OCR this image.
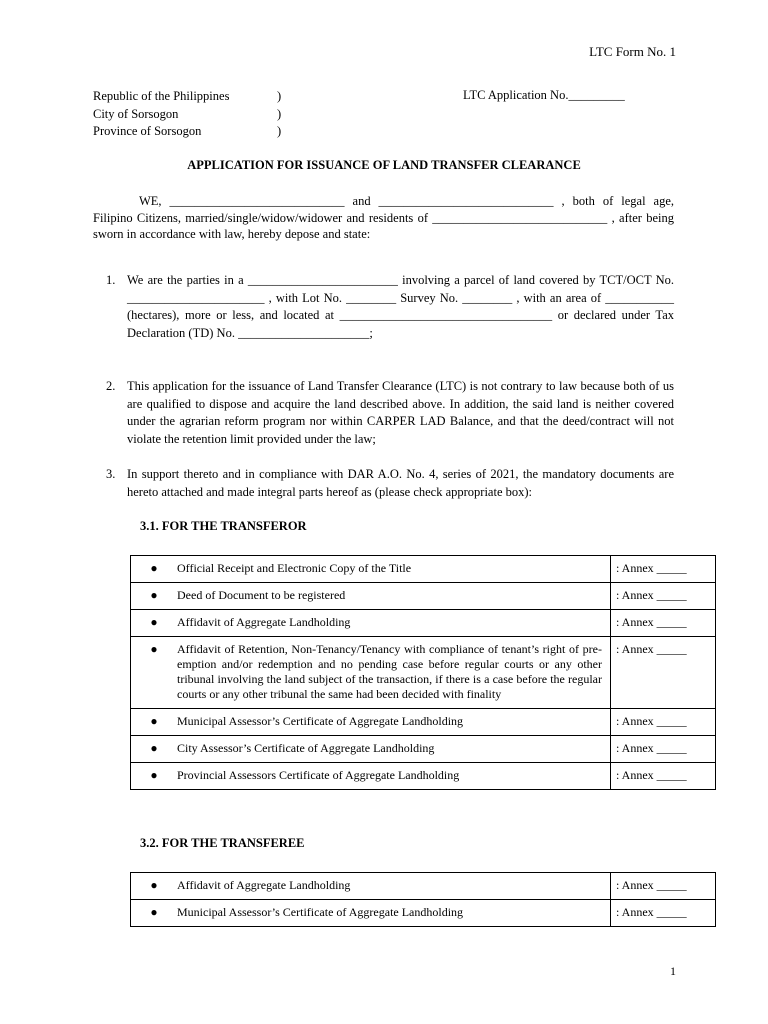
LTC Form No. 1
Republic of the Philippines
City of Sorsogon
Province of Sorsogon
)
)
)
LTC Application No._________
APPLICATION FOR ISSUANCE OF LAND TRANSFER CLEARANCE
WE, ____________________________ and ____________________________ , both of legal age, Filipino Citizens, married/single/widow/widower and residents of ____________________________ , after being sworn in accordance with law, hereby depose and state:
1. We are the parties in a ________________________ involving a parcel of land covered by TCT/OCT No. ______________________ , with Lot No. ________ Survey No. ________ , with an area of ___________ (hectares), more or less, and located at __________________________________ or declared under Tax Declaration (TD) No. _____________________;
2. This application for the issuance of Land Transfer Clearance (LTC) is not contrary to law because both of us are qualified to dispose and acquire the land described above. In addition, the said land is neither covered under the agrarian reform program nor within CARPER LAD Balance, and that the deed/contract will not violate the retention limit provided under the law;
3. In support thereto and in compliance with DAR A.O. No. 4, series of 2021, the mandatory documents are hereto attached and made integral parts hereof as (please check appropriate box):
3.1. FOR THE TRANSFEROR
●	Official Receipt and Electronic Copy of the Title	: Annex _____
●	Deed of Document to be registered	: Annex _____
●	Affidavit of Aggregate Landholding	: Annex _____
●	Affidavit of Retention, Non-Tenancy/Tenancy with compliance of tenant’s right of pre-emption and/or redemption and no pending case before regular courts or any other tribunal involving the land subject of the transaction, if there is a case before the regular courts or any other tribunal the same had been decided with finality	: Annex _____
●	Municipal Assessor’s Certificate of Aggregate Landholding	: Annex _____
●	City Assessor’s Certificate of Aggregate Landholding	: Annex _____
●	Provincial Assessors Certificate of Aggregate Landholding	: Annex _____
3.2. FOR THE TRANSFEREE
●	Affidavit of Aggregate Landholding	: Annex _____
●	Municipal Assessor’s Certificate of Aggregate Landholding	: Annex _____
1
